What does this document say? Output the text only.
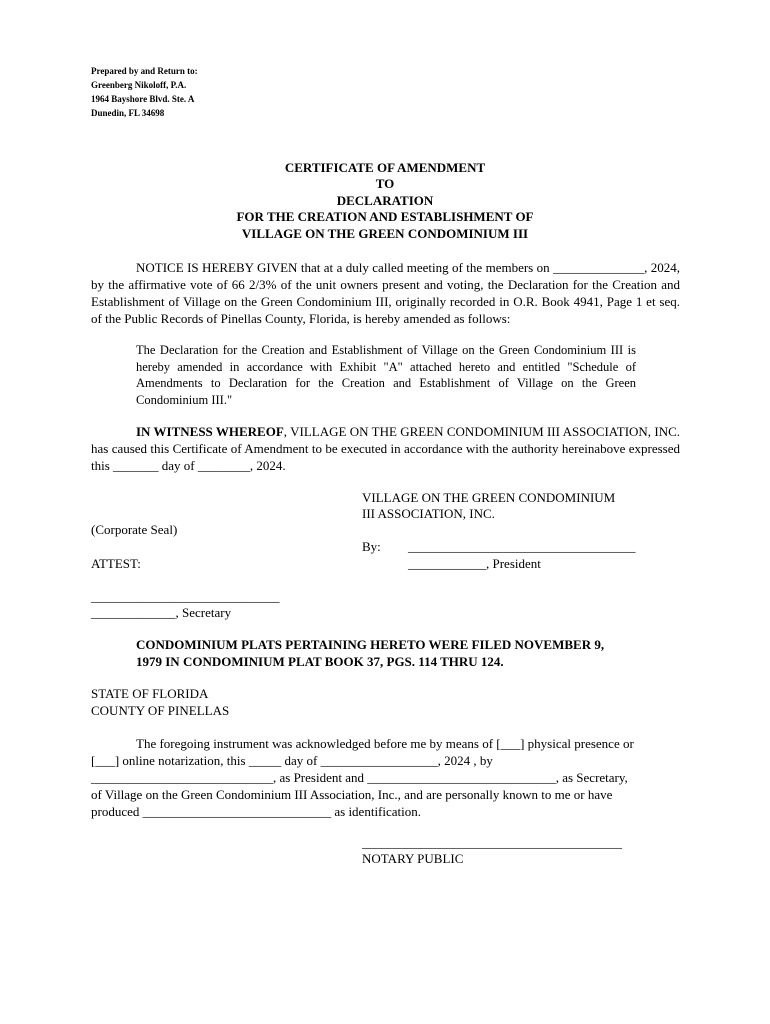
Prepared by and Return to:
Greenberg Nikoloff, P.A.
1964 Bayshore Blvd. Ste. A
Dunedin, FL 34698
CERTIFICATE OF AMENDMENT
TO
DECLARATION
FOR THE CREATION AND ESTABLISHMENT OF
VILLAGE ON THE GREEN CONDOMINIUM III
NOTICE IS HEREBY GIVEN that at a duly called meeting of the members on ______________, 2024, by the affirmative vote of 66 2/3% of the unit owners present and voting, the Declaration for the Creation and Establishment of Village on the Green Condominium III, originally recorded in O.R. Book 4941, Page 1 et seq. of the Public Records of Pinellas County, Florida, is hereby amended as follows:
The Declaration for the Creation and Establishment of Village on the Green Condominium III is hereby amended in accordance with Exhibit "A" attached hereto and entitled "Schedule of Amendments to Declaration for the Creation and Establishment of Village on the Green Condominium III."
IN WITNESS WHEREOF, VILLAGE ON THE GREEN CONDOMINIUM III ASSOCIATION, INC. has caused this Certificate of Amendment to be executed in accordance with the authority hereinabove expressed this _______ day of ________, 2024.
VILLAGE ON THE GREEN CONDOMINIUM
III ASSOCIATION, INC.
(Corporate Seal)
By: ___________________________________
ATTEST:	____________, President
_____________________________
_____________, Secretary
CONDOMINIUM PLATS PERTAINING HERETO WERE FILED NOVEMBER 9,
1979 IN CONDOMINIUM PLAT BOOK 37, PGS. 114 THRU 124.
STATE OF FLORIDA
COUNTY OF PINELLAS
The foregoing instrument was acknowledged before me by means of [___] physical presence or
[___] online notarization, this _____ day of __________________, 2024 , by
____________________________, as President and _____________________________, as Secretary,
of Village on the Green Condominium III Association, Inc., and are personally known to me or have
produced _____________________________ as identification.
________________________________________
NOTARY PUBLIC
